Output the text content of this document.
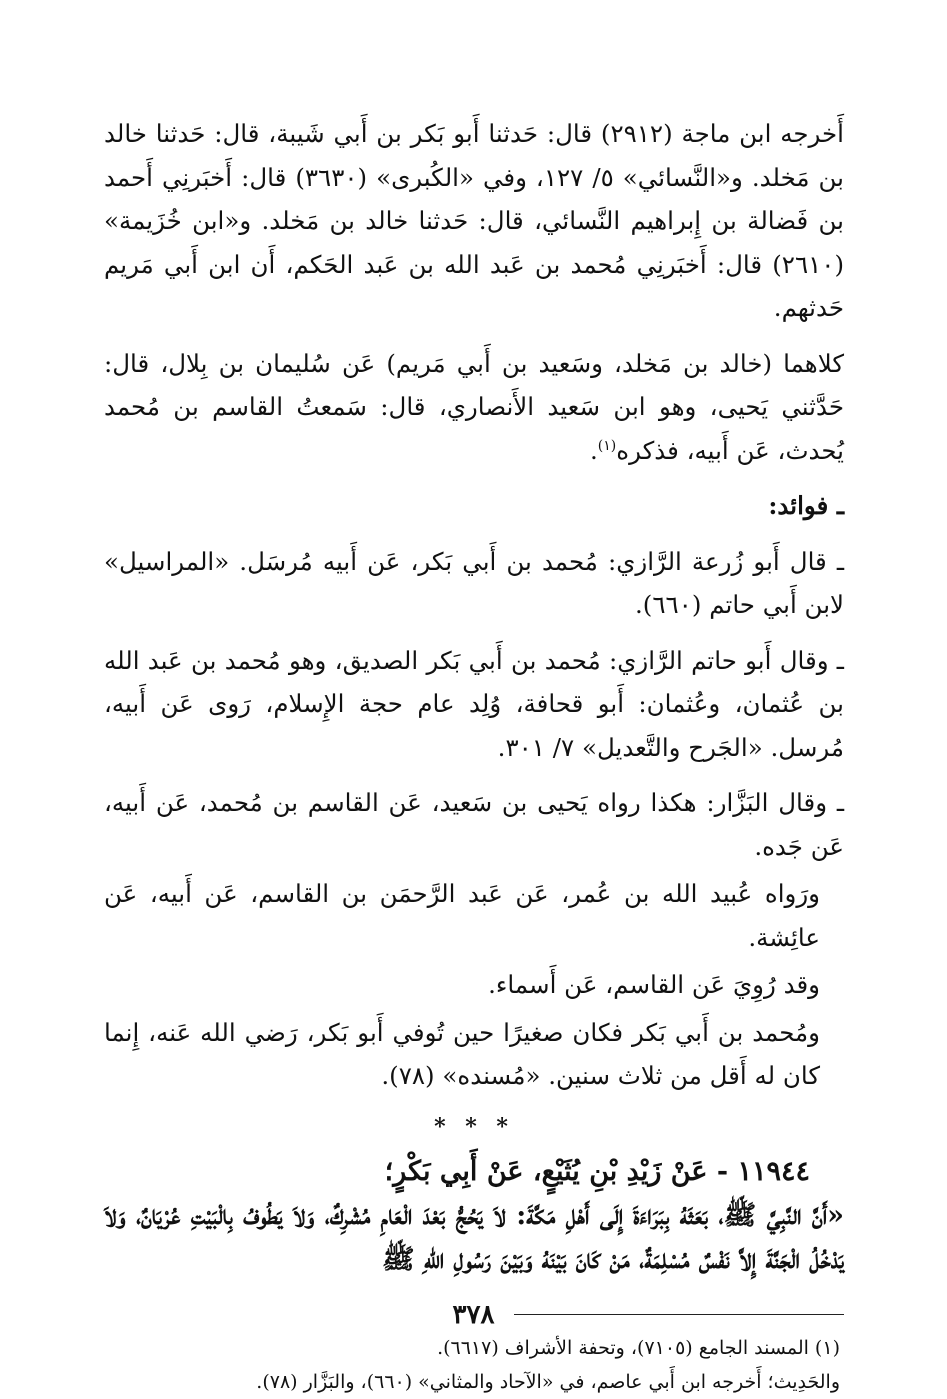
أَخرجه ابن ماجة (٢٩١٢) قال: حَدثنا أَبو بَكر بن أَبي شَيبة، قال: حَدثنا خالد بن مَخلد. و«النَّسائي» ٥/ ١٢٧، وفي «الكُبرى» (٣٦٣٠) قال: أَخبَرنِي أَحمد بن فَضالة بن إِبراهيم النَّسائي، قال: حَدثنا خالد بن مَخلد. و«ابن خُزَيمة» (٢٦١٠) قال: أَخبَرنِي مُحمد بن عَبد الله بن عَبد الحَكم، أَن ابن أَبي مَريم حَدثهم.

كلاهما (خالد بن مَخلد، وسَعيد بن أَبي مَريم) عَن سُليمان بن بِلال، قال: حَدَّثني يَحيى، وهو ابن سَعيد الأَنصاري، قال: سَمعتُ القاسم بن مُحمد يُحدث، عَن أَبيه، فذكره$^{(١)}$.

ـ فوائد:

ـ قال أَبو زُرعة الرَّازي: مُحمد بن أَبي بَكر، عَن أَبيه مُرسَل. «المراسيل» لابن أَبي حاتم (٦٦٠).

ـ وقال أَبو حاتم الرَّازي: مُحمد بن أَبي بَكر الصديق، وهو مُحمد بن عَبد الله بن عُثمان، وعُثمان: أَبو قحافة، وُلِد عام حجة الإِسلام، رَوى عَن أَبيه، مُرسل. «الجَرح والتَّعديل» ٧/ ٣٠١.

ـ وقال البَزَّار: هكذا رواه يَحيى بن سَعيد، عَن القاسم بن مُحمد، عَن أَبيه، عَن جَده.

ورَواه عُبيد الله بن عُمر، عَن عَبد الرَّحمَن بن القاسم، عَن أَبيه، عَن عائِشة.

وقد رُوِيَ عَن القاسم، عَن أَسماء.

ومُحمد بن أَبي بَكر فكان صغيرًا حين تُوفي أَبو بَكر، رَضي الله عَنه، إِنما كان له أَقل من ثلاث سنين. «مُسنده» (٧٨).

* * *

١١٩٤٤ - عَنْ زَيْدِ بْنِ يُثَيْعٍ، عَنْ أَبِي بَكْرٍ؛

«أَنَّ النَّبِيَّ ﷺ، بَعَثَهُ بِبَرَاءَةَ إِلَى أَهْلِ مَكَّةَ: لاَ يَحُجُّ بَعْدَ الْعَامِ مُشْرِكٌ، وَلاَ يَطُوفُ بِالْبَيْتِ عُرْيَانٌ، وَلاَ يَدْخُلُ الْجَنَّةَ إِلاَّ نَفْسٌ مُسْلِمَةٌ، مَنْ كَانَ بَيْنَهُ وَبَيْنَ رَسُولِ اللهِ ﷺ

(١) المسند الجامع (٧١٠٥)، وتحفة الأشراف (٦٦١٧).

والحَدِيث؛ أَخرجه ابن أَبي عاصم، في «الآحاد والمثاني» (٦٦٠)، والبَزَّار (٧٨).

٣٧٨
